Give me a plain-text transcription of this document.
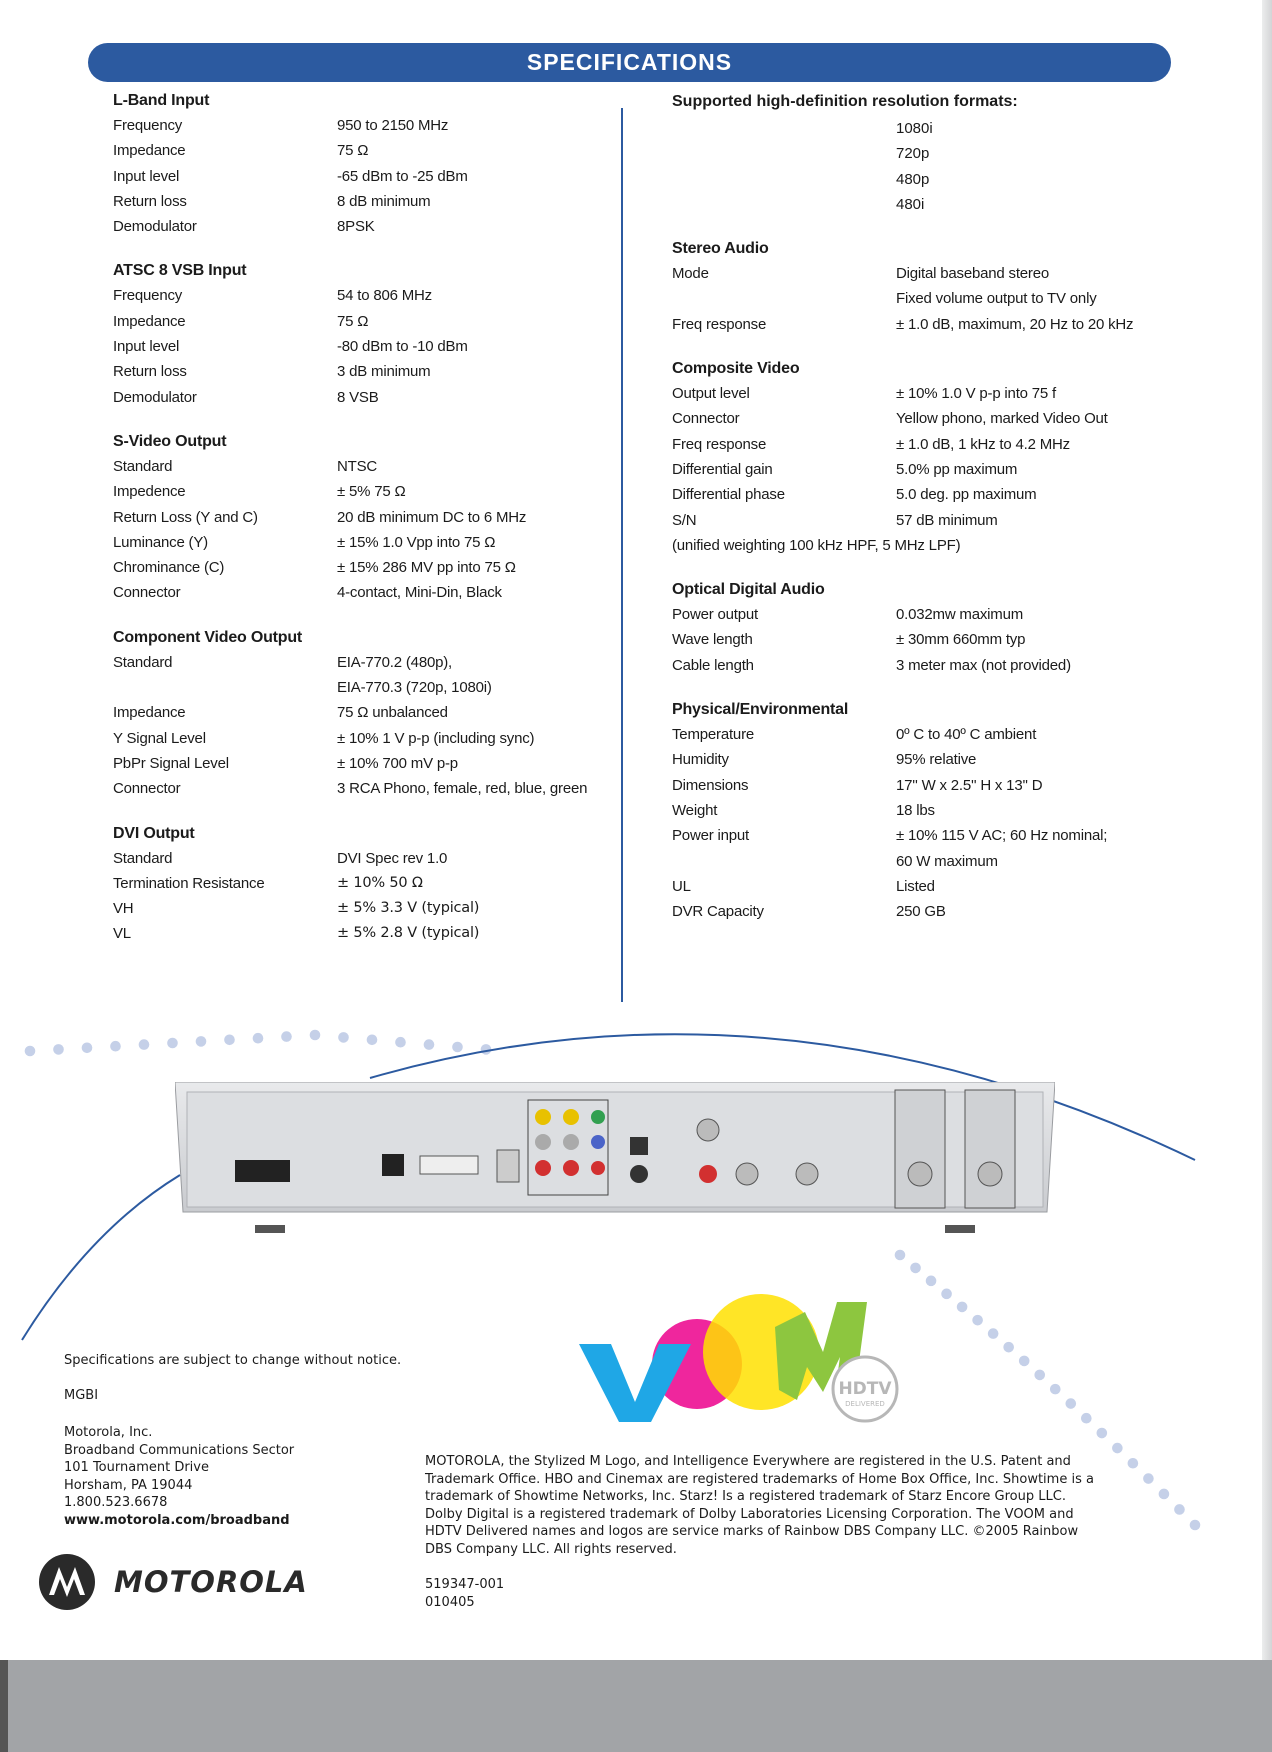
SPECIFICATIONS
L-Band Input
Frequency	950 to 2150 MHz
Impedance	75 Ω
Input level	-65 dBm to -25 dBm
Return loss	8 dB minimum
Demodulator	8PSK
ATSC 8 VSB Input
Frequency	54 to 806 MHz
Impedance	75 Ω
Input level	-80 dBm to -10 dBm
Return loss	3 dB minimum
Demodulator	8 VSB
S-Video Output
Standard	NTSC
Impedence	± 5% 75 Ω
Return Loss (Y and C)	20 dB minimum DC to 6 MHz
Luminance (Y)	± 15% 1.0 Vpp into 75 Ω
Chrominance (C)	± 15% 286 MV pp into 75 Ω
Connector	4-contact, Mini-Din, Black
Component Video Output
Standard	EIA-770.2 (480p),
EIA-770.3 (720p, 1080i)
Impedance	75 Ω unbalanced
Y Signal Level	± 10% 1 V p-p (including sync)
PbPr Signal Level	± 10% 700 mV p-p
Connector	3 RCA Phono, female, red, blue, green
DVI Output
Standard	DVI Spec rev 1.0
Termination Resistance	± 10% 50 Ω
VH	± 5% 3.3 V (typical)
VL	± 5% 2.8 V (typical)
Supported high-definition resolution formats:
1080i
720p
480p
480i
Stereo Audio
Mode	Digital baseband stereo
Fixed volume output to TV only
Freq response	± 1.0 dB, maximum, 20 Hz to 20 kHz
Composite Video
Output level	± 10% 1.0 V p-p into 75 f
Connector	Yellow phono, marked Video Out
Freq response	± 1.0 dB, 1 kHz to 4.2 MHz
Differential gain	5.0% pp maximum
Differential phase	5.0 deg. pp maximum
S/N	57 dB minimum
(unified weighting 100 kHz HPF, 5 MHz LPF)
Optical Digital Audio
Power output	0.032mw maximum
Wave length	± 30mm 660mm typ
Cable length	3 meter max (not provided)
Physical/Environmental
Temperature	0º C to 40º C ambient
Humidity	95% relative
Dimensions	17'' W x 2.5'' H x 13'' D
Weight	18 lbs
Power input	± 10% 115 V AC; 60 Hz nominal;
60 W maximum
UL	Listed
DVR Capacity	250 GB
HDTV
DELIVERED
Specifications are subject to change without notice.
MGBI
Motorola, Inc.
Broadband Communications Sector
101 Tournament Drive
Horsham, PA 19044
1.800.523.6678
www.motorola.com/broadband
MOTOROLA
MOTOROLA, the Stylized M Logo, and Intelligence Everywhere are registered in the U.S. Patent and Trademark Office. HBO and Cinemax are registered trademarks of Home Box Office, Inc. Showtime is a trademark of Showtime Networks, Inc. Starz! Is a registered trademark of Starz Encore Group LLC. Dolby Digital is a registered trademark of Dolby Laboratories Licensing Corporation. The VOOM and HDTV Delivered names and logos are service marks of Rainbow DBS Company LLC. ©2005 Rainbow DBS Company LLC. All rights reserved.
519347-001
010405
